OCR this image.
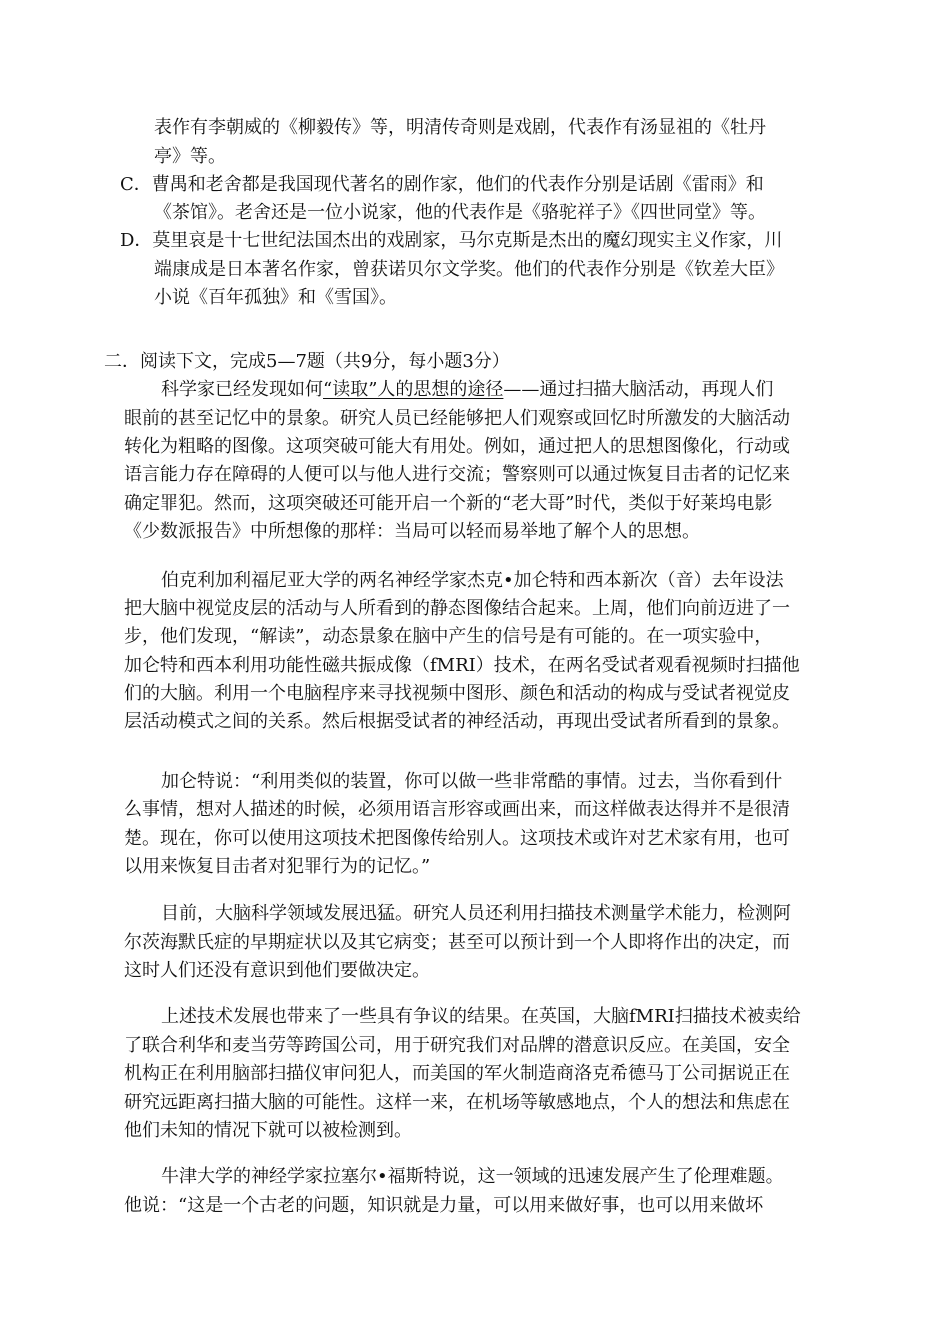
表作有李朝威的《柳毅传》等，明清传奇则是戏剧，代表作有汤显祖的《牡丹
亭》等。
C．曹禺和老舍都是我国现代著名的剧作家，他们的代表作分别是话剧《雷雨》和
《茶馆》。老舍还是一位小说家，他的代表作是《骆驼祥子》《四世同堂》等。
D．莫里哀是十七世纪法国杰出的戏剧家，马尔克斯是杰出的魔幻现实主义作家，川
端康成是日本著名作家，曾获诺贝尔文学奖。他们的代表作分别是《钦差大臣》
小说《百年孤独》和《雪国》。
二．阅读下文，完成5—7题（共9分，每小题3分）
科学家已经发现如何“读取”人的思想的途径——通过扫描大脑活动，再现人们
眼前的甚至记忆中的景象。研究人员已经能够把人们观察或回忆时所激发的大脑活动
转化为粗略的图像。这项突破可能大有用处。例如，通过把人的思想图像化，行动或
语言能力存在障碍的人便可以与他人进行交流；警察则可以通过恢复目击者的记忆来
确定罪犯。然而，这项突破还可能开启一个新的“老大哥”时代，类似于好莱坞电影
《少数派报告》中所想像的那样：当局可以轻而易举地了解个人的思想。
伯克利加利福尼亚大学的两名神经学家杰克•加仑特和西本新次（音）去年设法
把大脑中视觉皮层的活动与人所看到的静态图像结合起来。上周，他们向前迈进了一
步，他们发现，“解读”，动态景象在脑中产生的信号是有可能的。在一项实验中，
加仑特和西本利用功能性磁共振成像（fMRI）技术，在两名受试者观看视频时扫描他
们的大脑。利用一个电脑程序来寻找视频中图形、颜色和活动的构成与受试者视觉皮
层活动模式之间的关系。然后根据受试者的神经活动，再现出受试者所看到的景象。
加仑特说：“利用类似的装置，你可以做一些非常酷的事情。过去，当你看到什
么事情，想对人描述的时候，必须用语言形容或画出来，而这样做表达得并不是很清
楚。现在，你可以使用这项技术把图像传给别人。这项技术或许对艺术家有用，也可
以用来恢复目击者对犯罪行为的记忆。”
目前，大脑科学领域发展迅猛。研究人员还利用扫描技术测量学术能力，检测阿
尔茨海默氏症的早期症状以及其它病变；甚至可以预计到一个人即将作出的决定，而
这时人们还没有意识到他们要做决定。
上述技术发展也带来了一些具有争议的结果。在英国，大脑fMRI扫描技术被卖给
了联合利华和麦当劳等跨国公司，用于研究我们对品牌的潜意识反应。在美国，安全
机构正在利用脑部扫描仪审问犯人，而美国的军火制造商洛克希德马丁公司据说正在
研究远距离扫描大脑的可能性。这样一来，在机场等敏感地点，个人的想法和焦虑在
他们未知的情况下就可以被检测到。
牛津大学的神经学家拉塞尔•福斯特说，这一领域的迅速发展产生了伦理难题。
他说：“这是一个古老的问题，知识就是力量，可以用来做好事，也可以用来做坏
